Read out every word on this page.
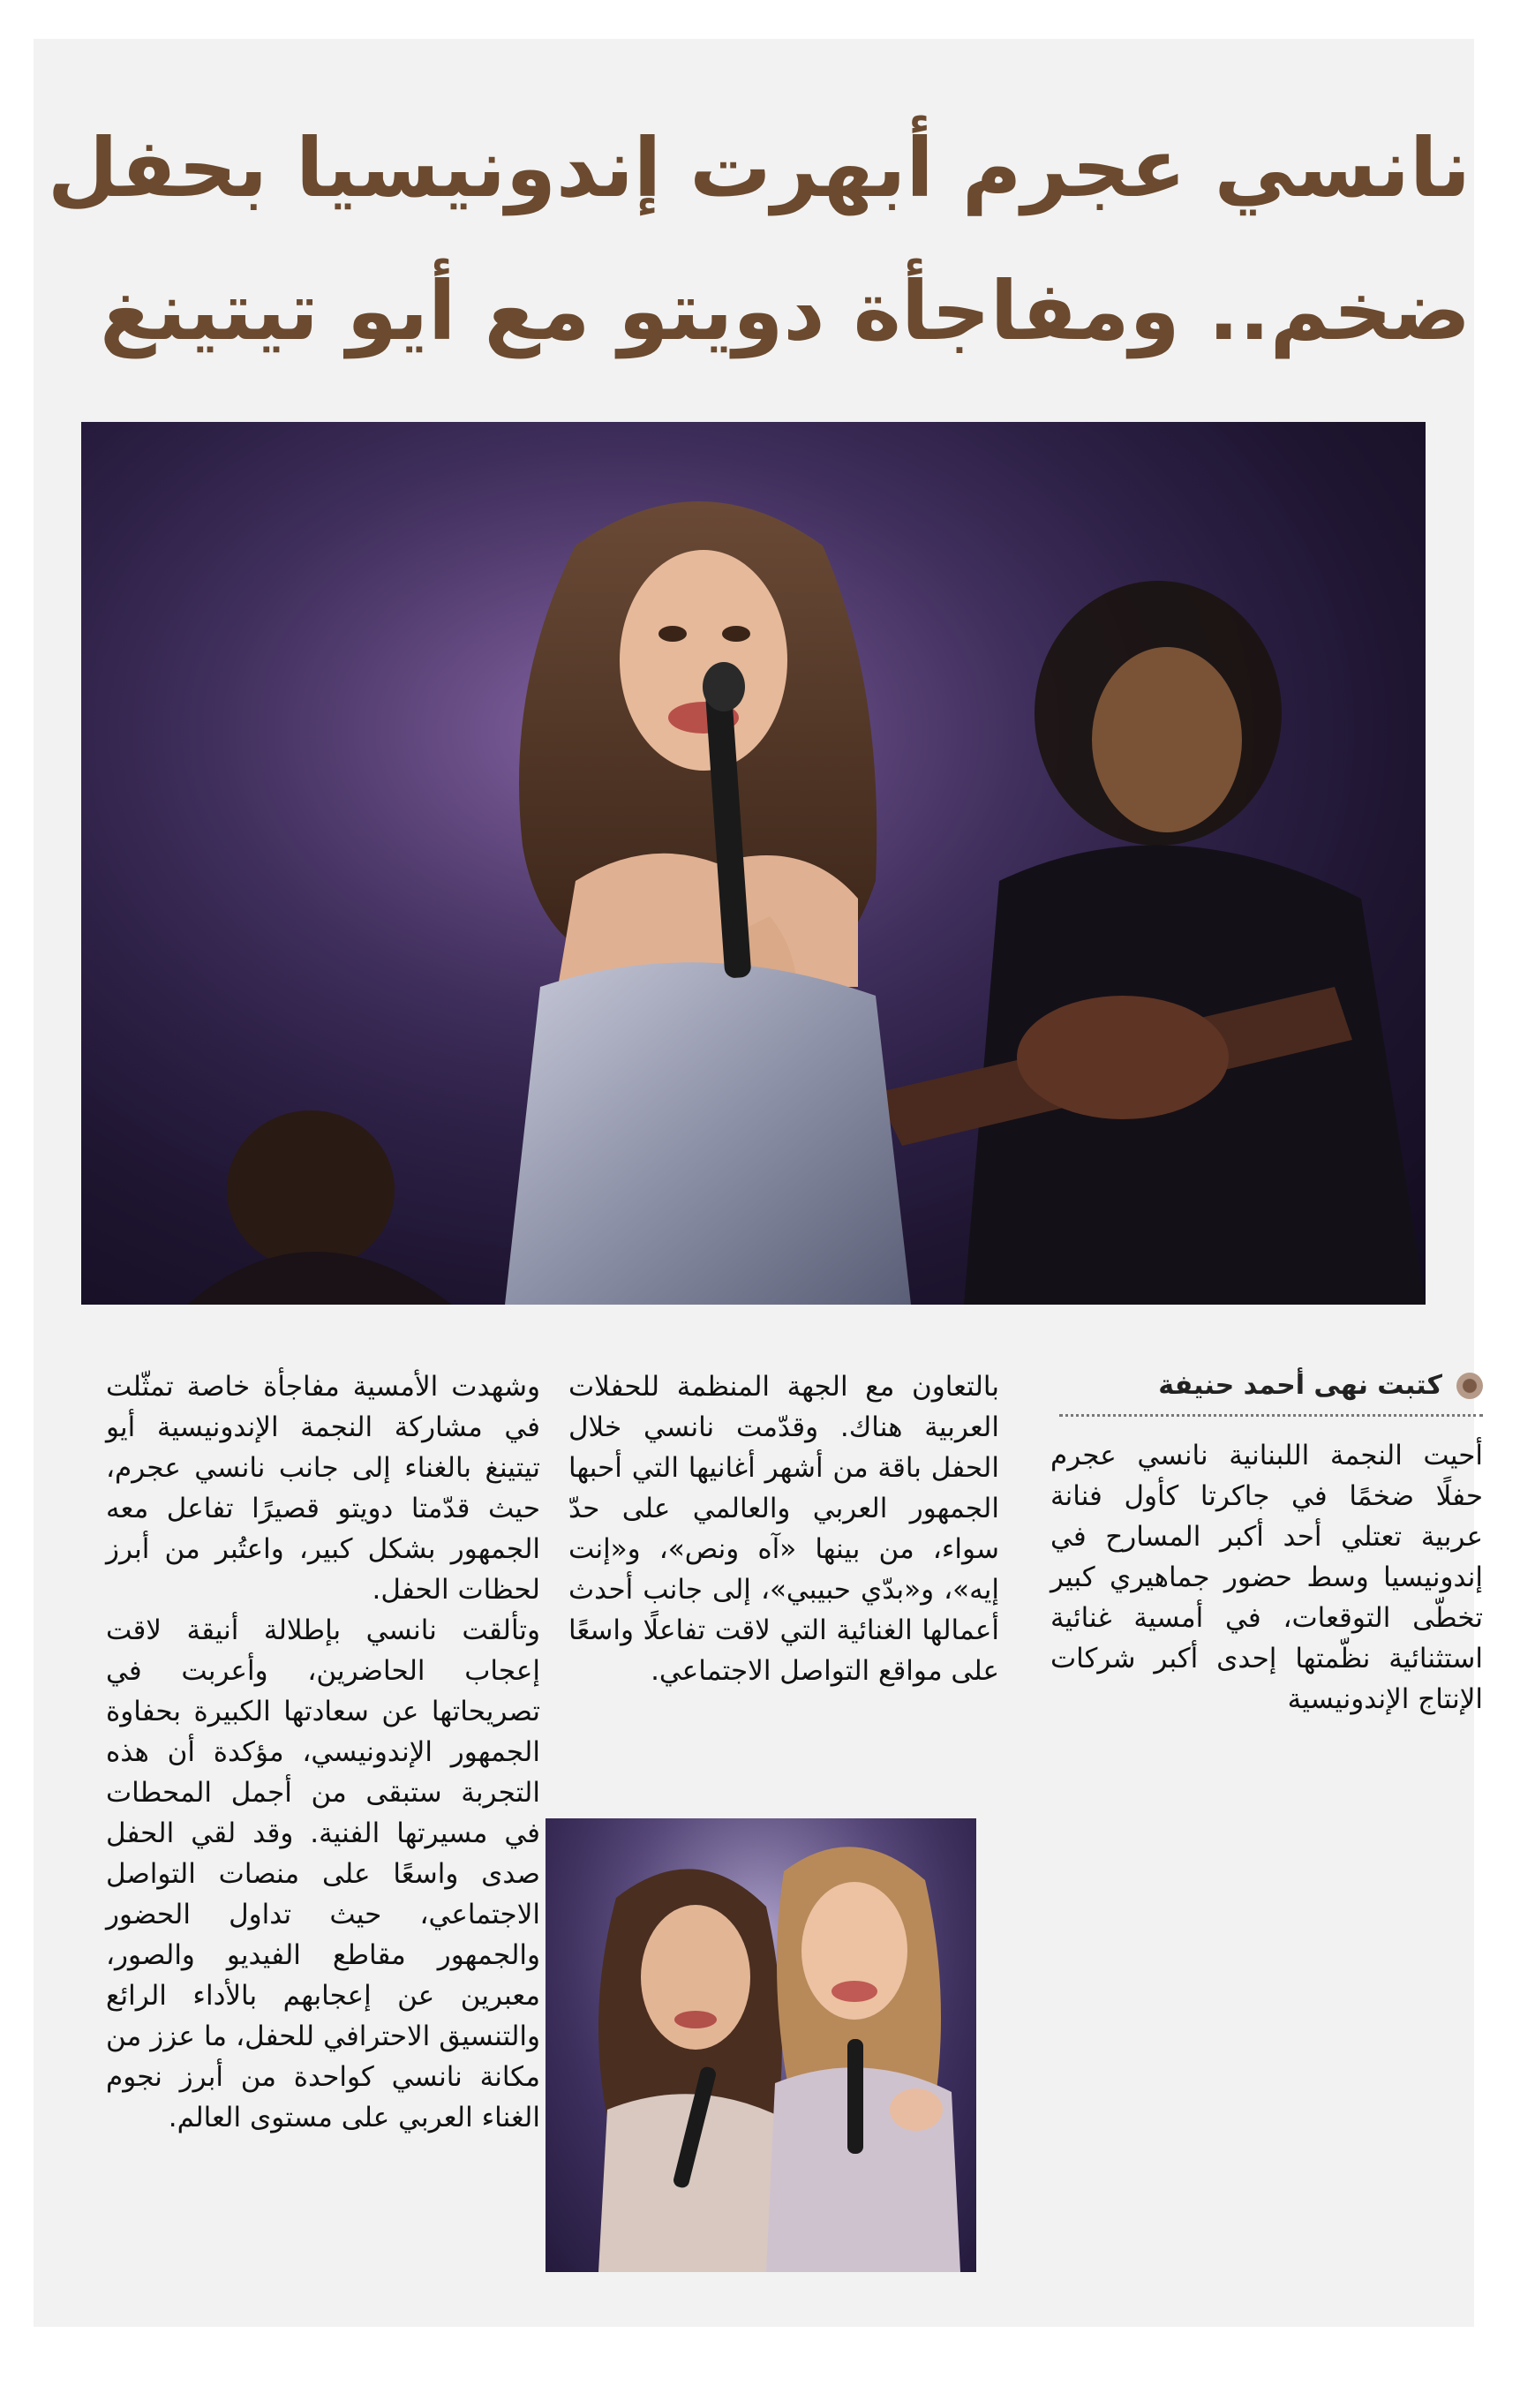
نانسي عجرم أبهرت إندونيسيا بحفل
ضخم.. ومفاجأة دويتو مع أيو تيتينغ
كتبت نهى أحمد حنيفة

أحيت النجمة اللبنانية نانسي عجرم حفلًا ضخمًا في جاكرتا كأول فنانة عربية تعتلي أحد أكبر المسارح في إندونيسيا وسط حضور جماهيري كبير تخطّى التوقعات، في أمسية غنائية استثنائية نظّمتها إحدى أكبر شركات الإنتاج الإندونيسية

بالتعاون مع الجهة المنظمة للحفلات العربية هناك. وقدّمت نانسي خلال الحفل باقة من أشهر أغانيها التي أحبها الجمهور العربي والعالمي على حدّ سواء، من بينها «آه ونص»، و«إنت إيه»، و«بدّي حبيبي»، إلى جانب أحدث أعمالها الغنائية التي لاقت تفاعلًا واسعًا على مواقع التواصل الاجتماعي.

وشهدت الأمسية مفاجأة خاصة تمثّلت في مشاركة النجمة الإندونيسية أيو تيتينغ بالغناء إلى جانب نانسي عجرم، حيث قدّمتا دويتو قصيرًا تفاعل معه الجمهور بشكل كبير، واعتُبر من أبرز لحظات الحفل.

وتألقت نانسي بإطلالة أنيقة لاقت إعجاب الحاضرين، وأعربت في تصريحاتها عن سعادتها الكبيرة بحفاوة الجمهور الإندونيسي، مؤكدة أن هذه التجربة ستبقى من أجمل المحطات في مسيرتها الفنية. وقد لقي الحفل صدى واسعًا على منصات التواصل الاجتماعي، حيث تداول الحضور والجمهور مقاطع الفيديو والصور، معبرين عن إعجابهم بالأداء الرائع والتنسيق الاحترافي للحفل، ما عزز من مكانة نانسي كواحدة من أبرز نجوم الغناء العربي على مستوى العالم.
